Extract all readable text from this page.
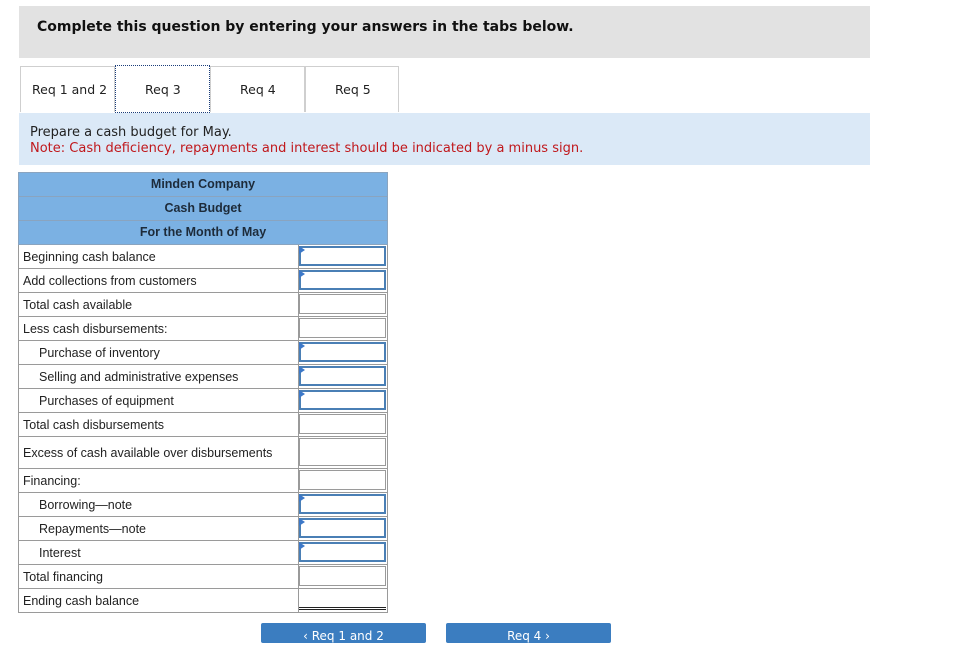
Complete this question by entering your answers in the tabs below.
Req 1 and 2	Req 3	Req 4	Req 5
Prepare a cash budget for May.
Note: Cash deficiency, repayments and interest should be indicated by a minus sign.
Minden Company
Cash Budget
For the Month of May
Beginning cash balance
Add collections from customers
Total cash available
Less cash disbursements:
Purchase of inventory
Selling and administrative expenses
Purchases of equipment
Total cash disbursements
Excess of cash available over disbursements
Financing:
Borrowing—note
Repayments—note
Interest
Total financing
Ending cash balance
‹ Req 1 and 2	Req 4 ›
